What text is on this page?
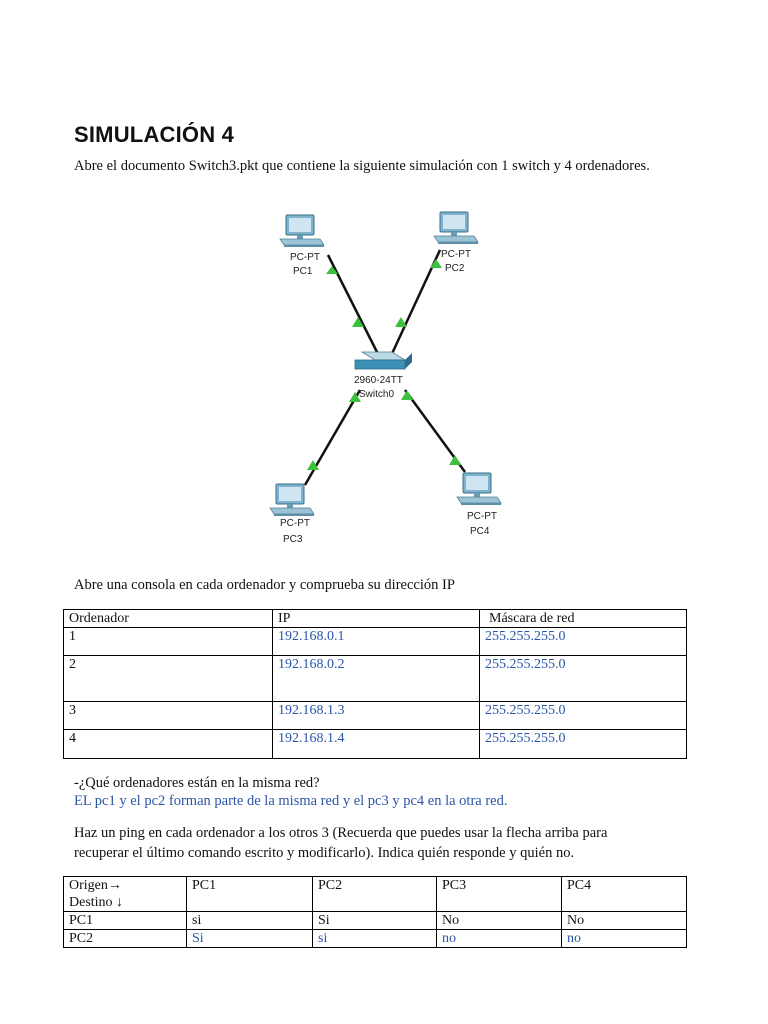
SIMULACIÓN 4

Abre el documento Switch3.pkt que contiene la siguiente simulación con 1 switch y 4 ordenadores.

PC-PT
PC1
PC-PT
PC2
PC-PT
PC3
PC-PT
PC4
2960-24TT
Switch0

Abre una consola en cada ordenador y comprueba su dirección IP

Ordenador	IP	Máscara de red
1	192.168.0.1	255.255.255.0
2	192.168.0.2	255.255.255.0
3	192.168.1.3	255.255.255.0
4	192.168.1.4	255.255.255.0

-¿Qué ordenadores están en la misma red?

EL pc1 y el pc2 forman parte de la misma red y el pc3 y pc4 en la otra red.

Haz un ping en cada ordenador a los otros 3 (Recuerda que puedes usar la flecha arriba para

recuperar el último comando escrito y modificarlo). Indica quién responde y quién no.

Origen→
Destino ↓	PC1	PC2	PC3	PC4
PC1	si	Si	No	No
PC2	Si	si	no	no
